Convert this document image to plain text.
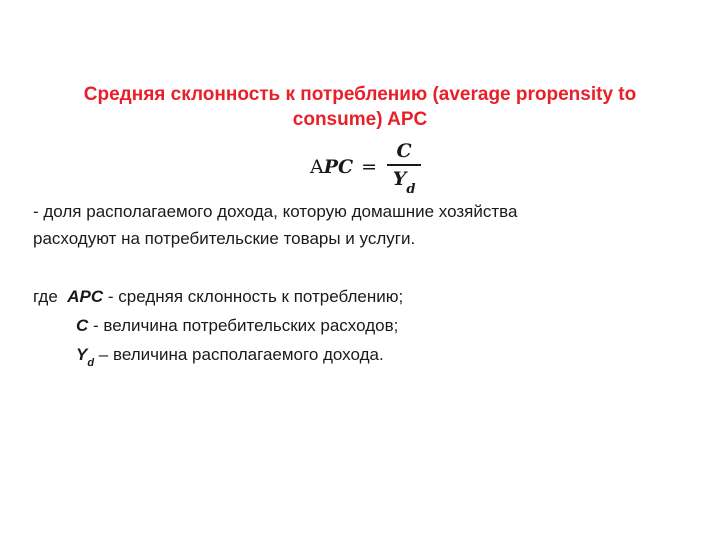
Средняя склонность к потреблению (average propensity to
consume) APC
A PC = $\frac{C}{Y_d}$
- доля располагаемого дохода, которую домашние хозяйства
расходуют на потребительские товары и услуги.
где APC - средняя склонность к потреблению;
C - величина потребительских расходов;
$Y_d$ – величина располагаемого дохода.
